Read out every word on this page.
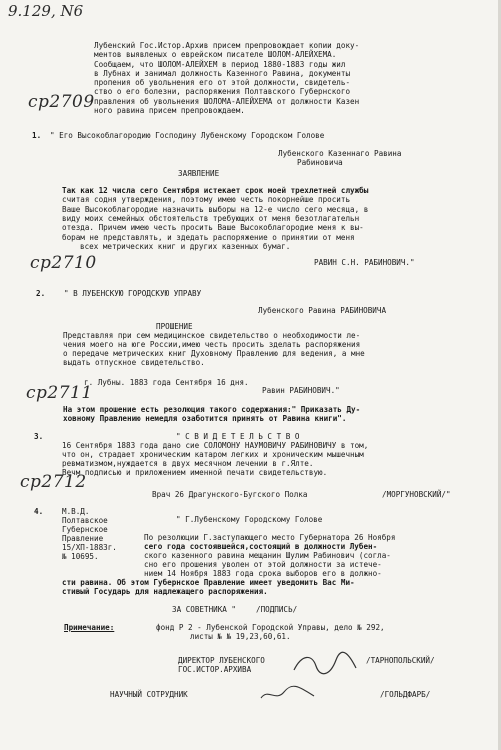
9.129, N6
Лубенский Гос.Истор.Архив присем препровождает копии доку-
ментов выявленых о еврейском писателе ШОЛОМ-АЛЕЙХЕМА.
Сообщаем, что ШОЛОМ-АЛЕЙХЕМ в период 1880-1883 годы жил
в Лубнах и занимал должность Казенного Равина, документы
пропения об увольнения его от этой должности, свидетель-
ство о его болезни, распоряжения Полтавского Губернского
правления об увольнения ШОЛОМА-АЛЕЙХЕМА от должности Казен
ного равина присем препровождаем.
ср2709
1. " Его Высокоблагородию Господину Лубенскому Городском Голове
Лубенского Казеннаго Равина
Рабиновича
ЗАЯВЛЕНИЕ
Так как 12 числа сего Сентября истекает срок моей трехлетней службы
считая содня утверждения, поэтому имею честь покорнейше просить
Ваше Высокоблагородие назначить выборы на 12-е число сего месяца, в
виду моих семейных обстоятельств требующих от меня безотлагательн
отезда. Причем имею честь просить Ваше Высокоблагородие меня к вы-
борам не представлять, и здедать распоряжение о принятии от меня
всех метрических книг и других казенных бумаг.
РАВИН С.Н. РАБИНОВИЧ."
ср2710
2. " В ЛУБЕНСКУЮ ГОРОДСКУЮ УПРАВУ
Лубенского Равина РАБИНОВИЧА
ПРОШЕНИЕ
Представляя при сем медицинское свидетельство о необходимости ле-
чения моего на юге России,имею честь просить зделать распоряжения
о передаче метрических книг Духовному Правлению для ведения, а мне
выдать отпускное свидетельство.
г. Лубны. 1883 года Сентября 16 дня.
Равин РАБИНОВИЧ."
ср2711
На этом прошение есть резолюция такого содержания:" Приказать Ду-
ховному Правлению немедля озаботится принять от Равина книги".
3.	" С В И Д Е Т Е Л Ь С Т В О
16 Сентября 1883 года дано сие СОЛОМОНУ НАУМОВИЧУ РАБИНОВИЧУ в том,
что он, страдает хроническим катаром легких и хроническим мышечным
ревматизмом,нуждается в двух месячном лечении в г.Ялте.
Вечм подписью и приложением именной печати свидетельствую.
ср2712
Врач 26 Драгунского-Бугского Полка	/МОРГУНОВСКИЙ/"
4. М.В.Д.
Полтавское
Губернское
Правление
15/ХП-1883г.
№ 10695.
" Г.Лубенскому Городскому Голове
По резолюции Г.заступающего место Губернатора 26 Ноября
сего года состоявшейся,состоящий в должности Лубен-
ского казенного равина мещанин Шулим Рабинович (согла-
сно его прошения уволен от этой должности за истече-
нием 14 Ноября 1883 года срока выборов его в должно-
сти равина. Об этом Губернское Правление имеет уведомить Вас Ми-
стивый Государь для надлежащего распоряжения.
ЗА СОВЕТНИКА "	/ПОДПИСЬ/
Примечание:	фонд Р 2 - Лубенской Городской Управы, дело № 292,
листы № № 19,23,60,61.
ДИРЕКТОР ЛУБЕНСКОГО
ГОС.ИСТОР.АРХИВА
/ТАРНОПОЛЬСКИЙ/
НАУЧНЫЙ СОТРУДНИК	/ГОЛЬДФАРБ/
